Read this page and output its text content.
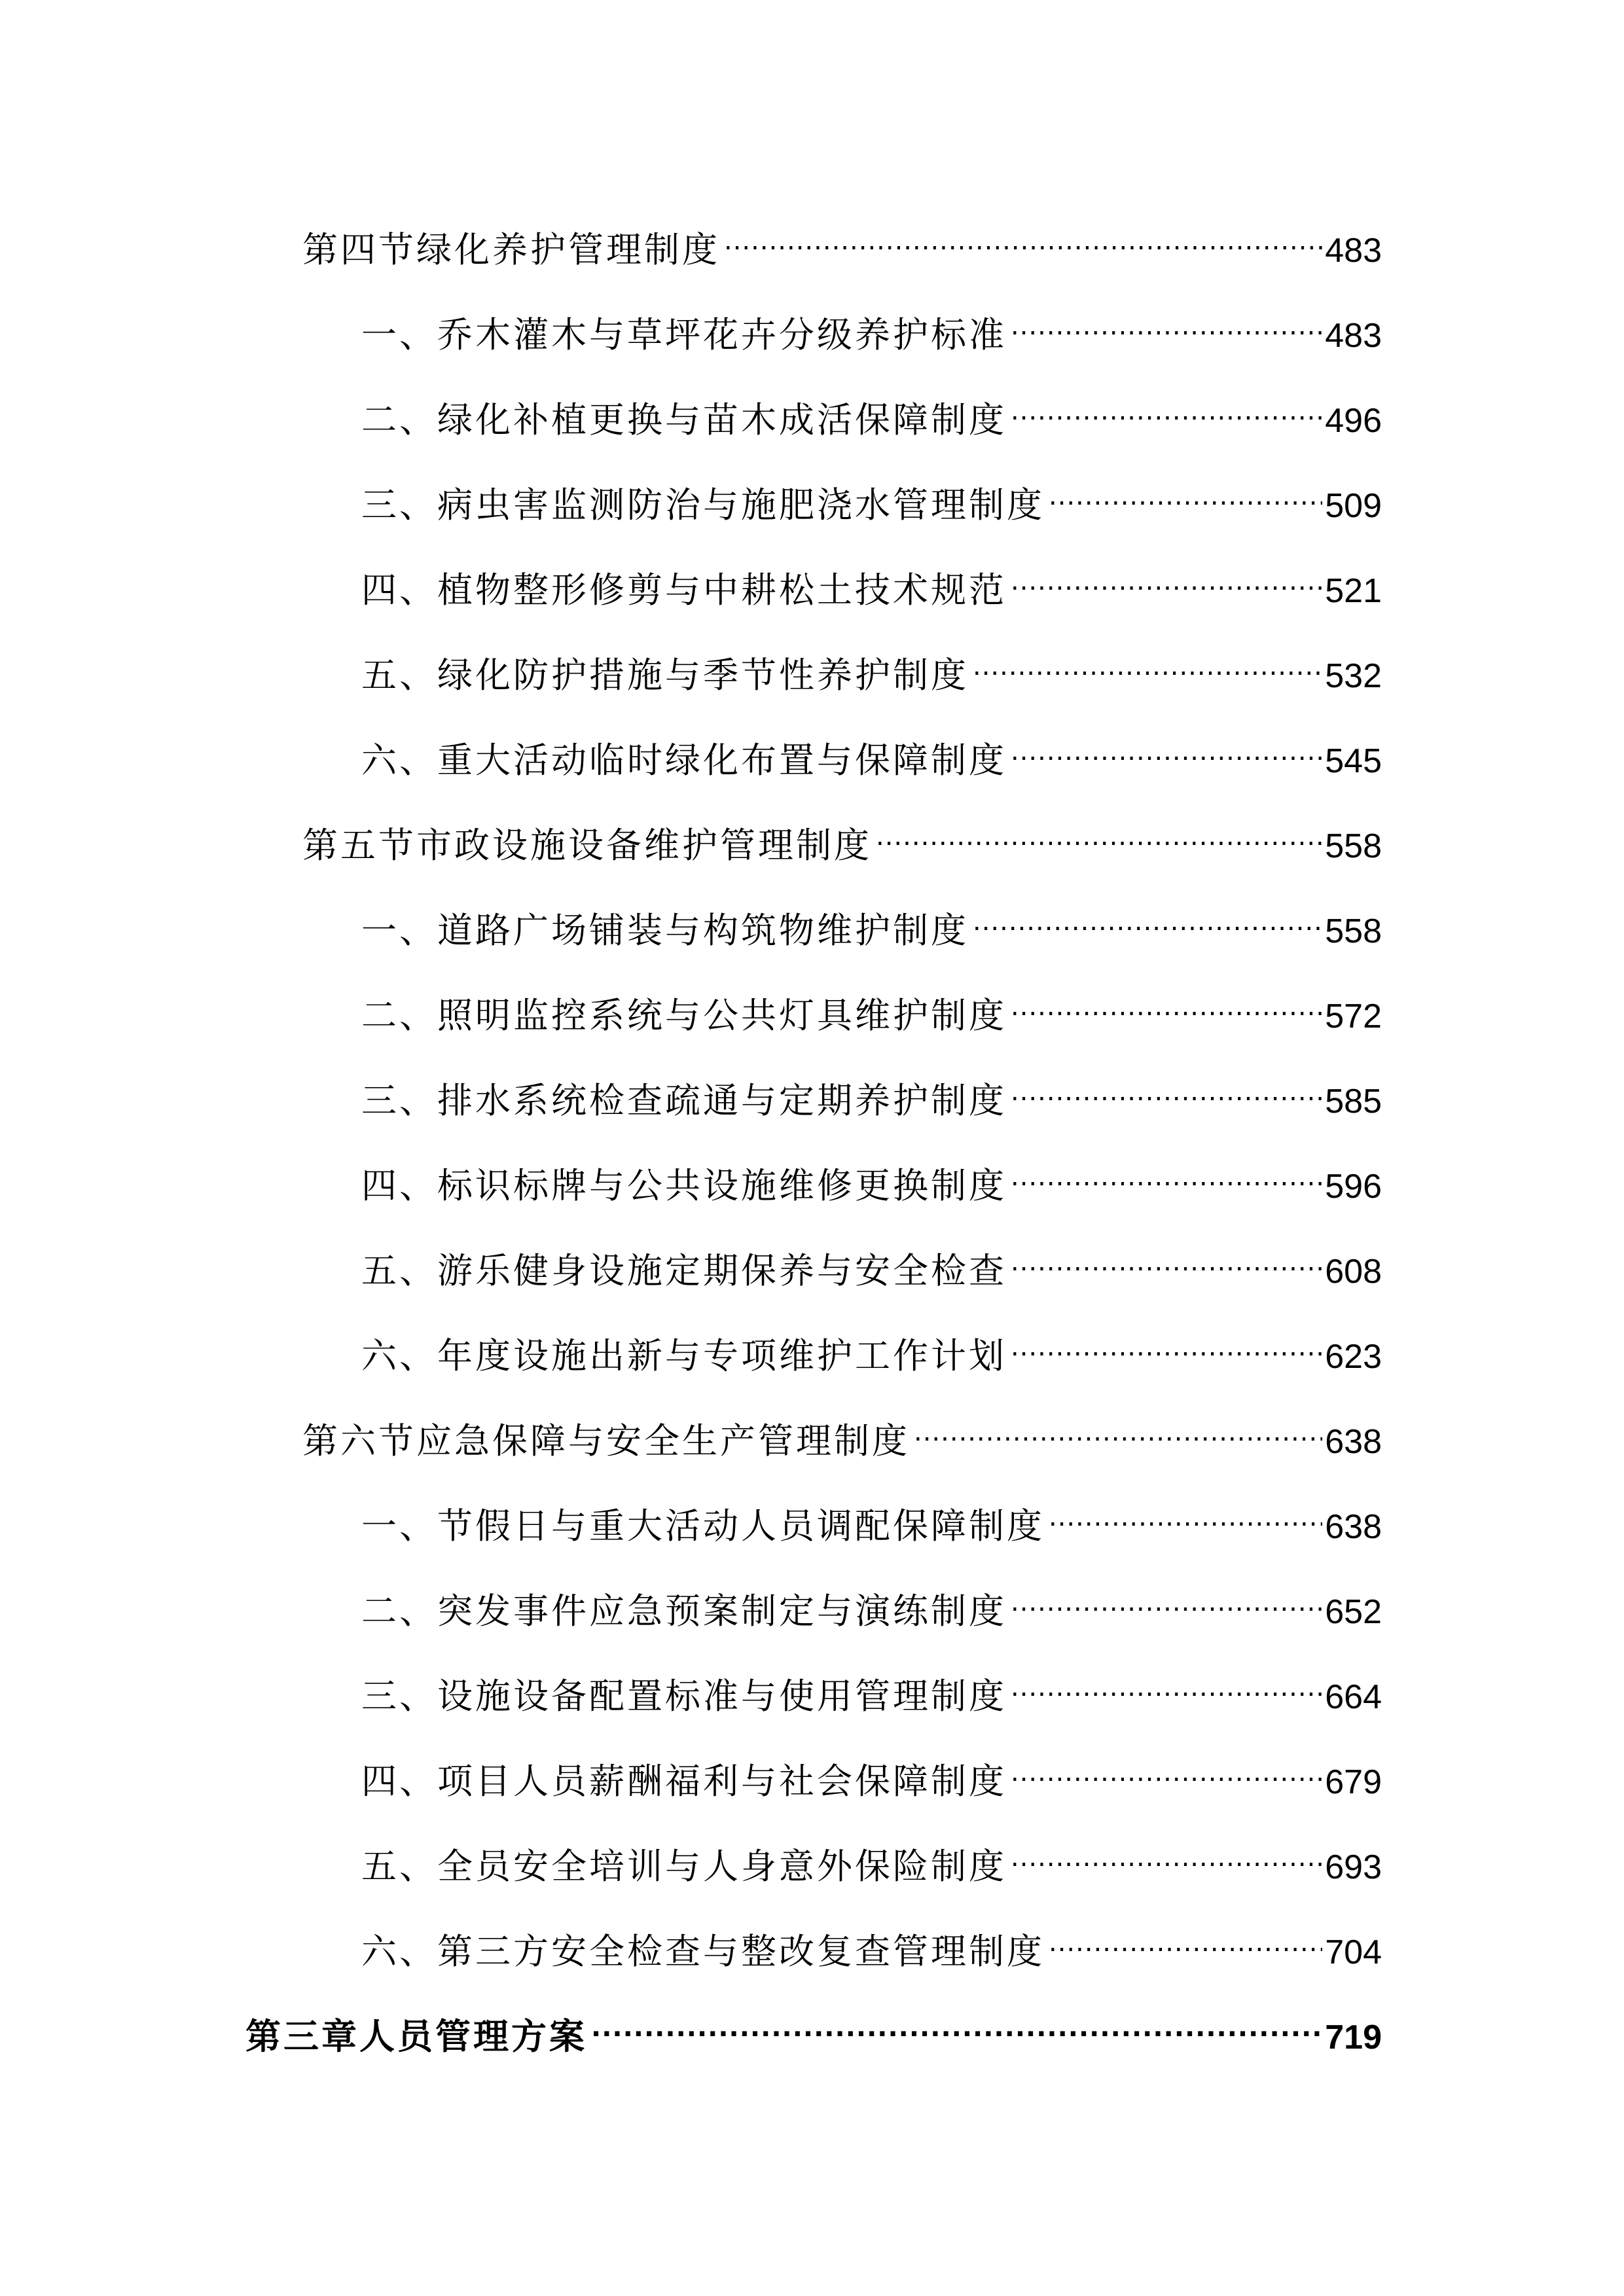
第四节绿化养护管理制度 .....	483
一、乔木灌木与草坪花卉分级养护标准 .....	483
二、绿化补植更换与苗木成活保障制度 .....	496
三、病虫害监测防治与施肥浇水管理制度 .....	509
四、植物整形修剪与中耕松土技术规范 .....	521
五、绿化防护措施与季节性养护制度 .....	532
六、重大活动临时绿化布置与保障制度 .....	545
第五节市政设施设备维护管理制度 .....	558
一、道路广场铺装与构筑物维护制度 .....	558
二、照明监控系统与公共灯具维护制度 .....	572
三、排水系统检查疏通与定期养护制度 .....	585
四、标识标牌与公共设施维修更换制度 .....	596
五、游乐健身设施定期保养与安全检查 .....	608
六、年度设施出新与专项维护工作计划 .....	623
第六节应急保障与安全生产管理制度 .....	638
一、节假日与重大活动人员调配保障制度 .....	638
二、突发事件应急预案制定与演练制度 .....	652
三、设施设备配置标准与使用管理制度 .....	664
四、项目人员薪酬福利与社会保障制度 .....	679
五、全员安全培训与人身意外保险制度 .....	693
六、第三方安全检查与整改复查管理制度 .....	704
第三章人员管理方案 .....	719
